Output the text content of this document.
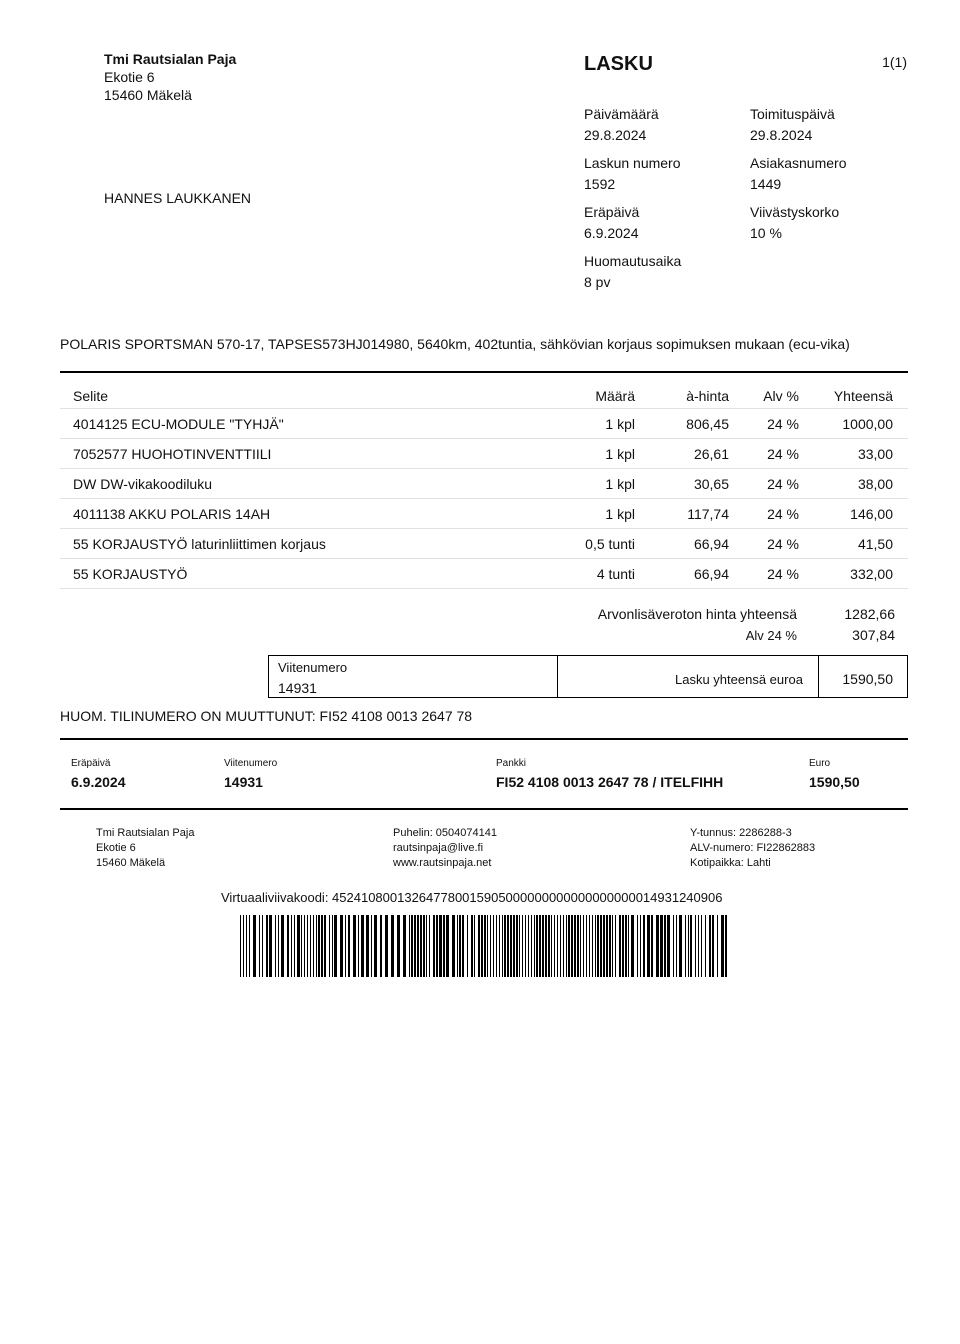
Tmi Rautsialan Paja
Ekotie 6
15460 Mäkelä
HANNES LAUKKANEN
LASKU	1(1)
Päivämäärä
29.8.2024
Toimituspäivä
29.8.2024
Laskun numero
1592
Asiakasnumero
1449
Eräpäivä
6.9.2024
Viivästyskorko
10 %
Huomautusaika
8 pv
POLARIS SPORTSMAN 570-17, TAPSES573HJ014980, 5640km, 402tuntia, sähkövian korjaus sopimuksen mukaan (ecu-vika)
Selite	Määrä	à-hinta	Alv %	Yhteensä
4014125 ECU-MODULE "TYHJÄ"	1 kpl	806,45	24 %	1000,00
7052577 HUOHOTINVENTTIILI	1 kpl	26,61	24 %	33,00
DW DW-vikakoodiluku	1 kpl	30,65	24 %	38,00
4011138 AKKU POLARIS 14AH	1 kpl	117,74	24 %	146,00
55 KORJAUSTYÖ laturinliittimen korjaus	0,5 tunti	66,94	24 %	41,50
55 KORJAUSTYÖ	4 tunti	66,94	24 %	332,00
Arvonlisäveroton hinta yhteensä	1282,66
Alv 24 %	307,84
Viitenumero
14931
Lasku yhteensä euroa	1590,50
HUOM. TILINUMERO ON MUUTTUNUT: FI52 4108 0013 2647 78
Eräpäivä
6.9.2024
Viitenumero
14931
Pankki
FI52 4108 0013 2647 78 / ITELFIHH
Euro
1590,50
Tmi Rautsialan Paja
Ekotie 6
15460 Mäkelä
Puhelin: 0504074141
rautsinpaja@live.fi
www.rautsinpaja.net
Y-tunnus: 2286288-3
ALV-numero: FI22862883
Kotipaikka: Lahti
Virtuaaliviivakoodi: 452410800132647780015905000000000000000000014931240906
